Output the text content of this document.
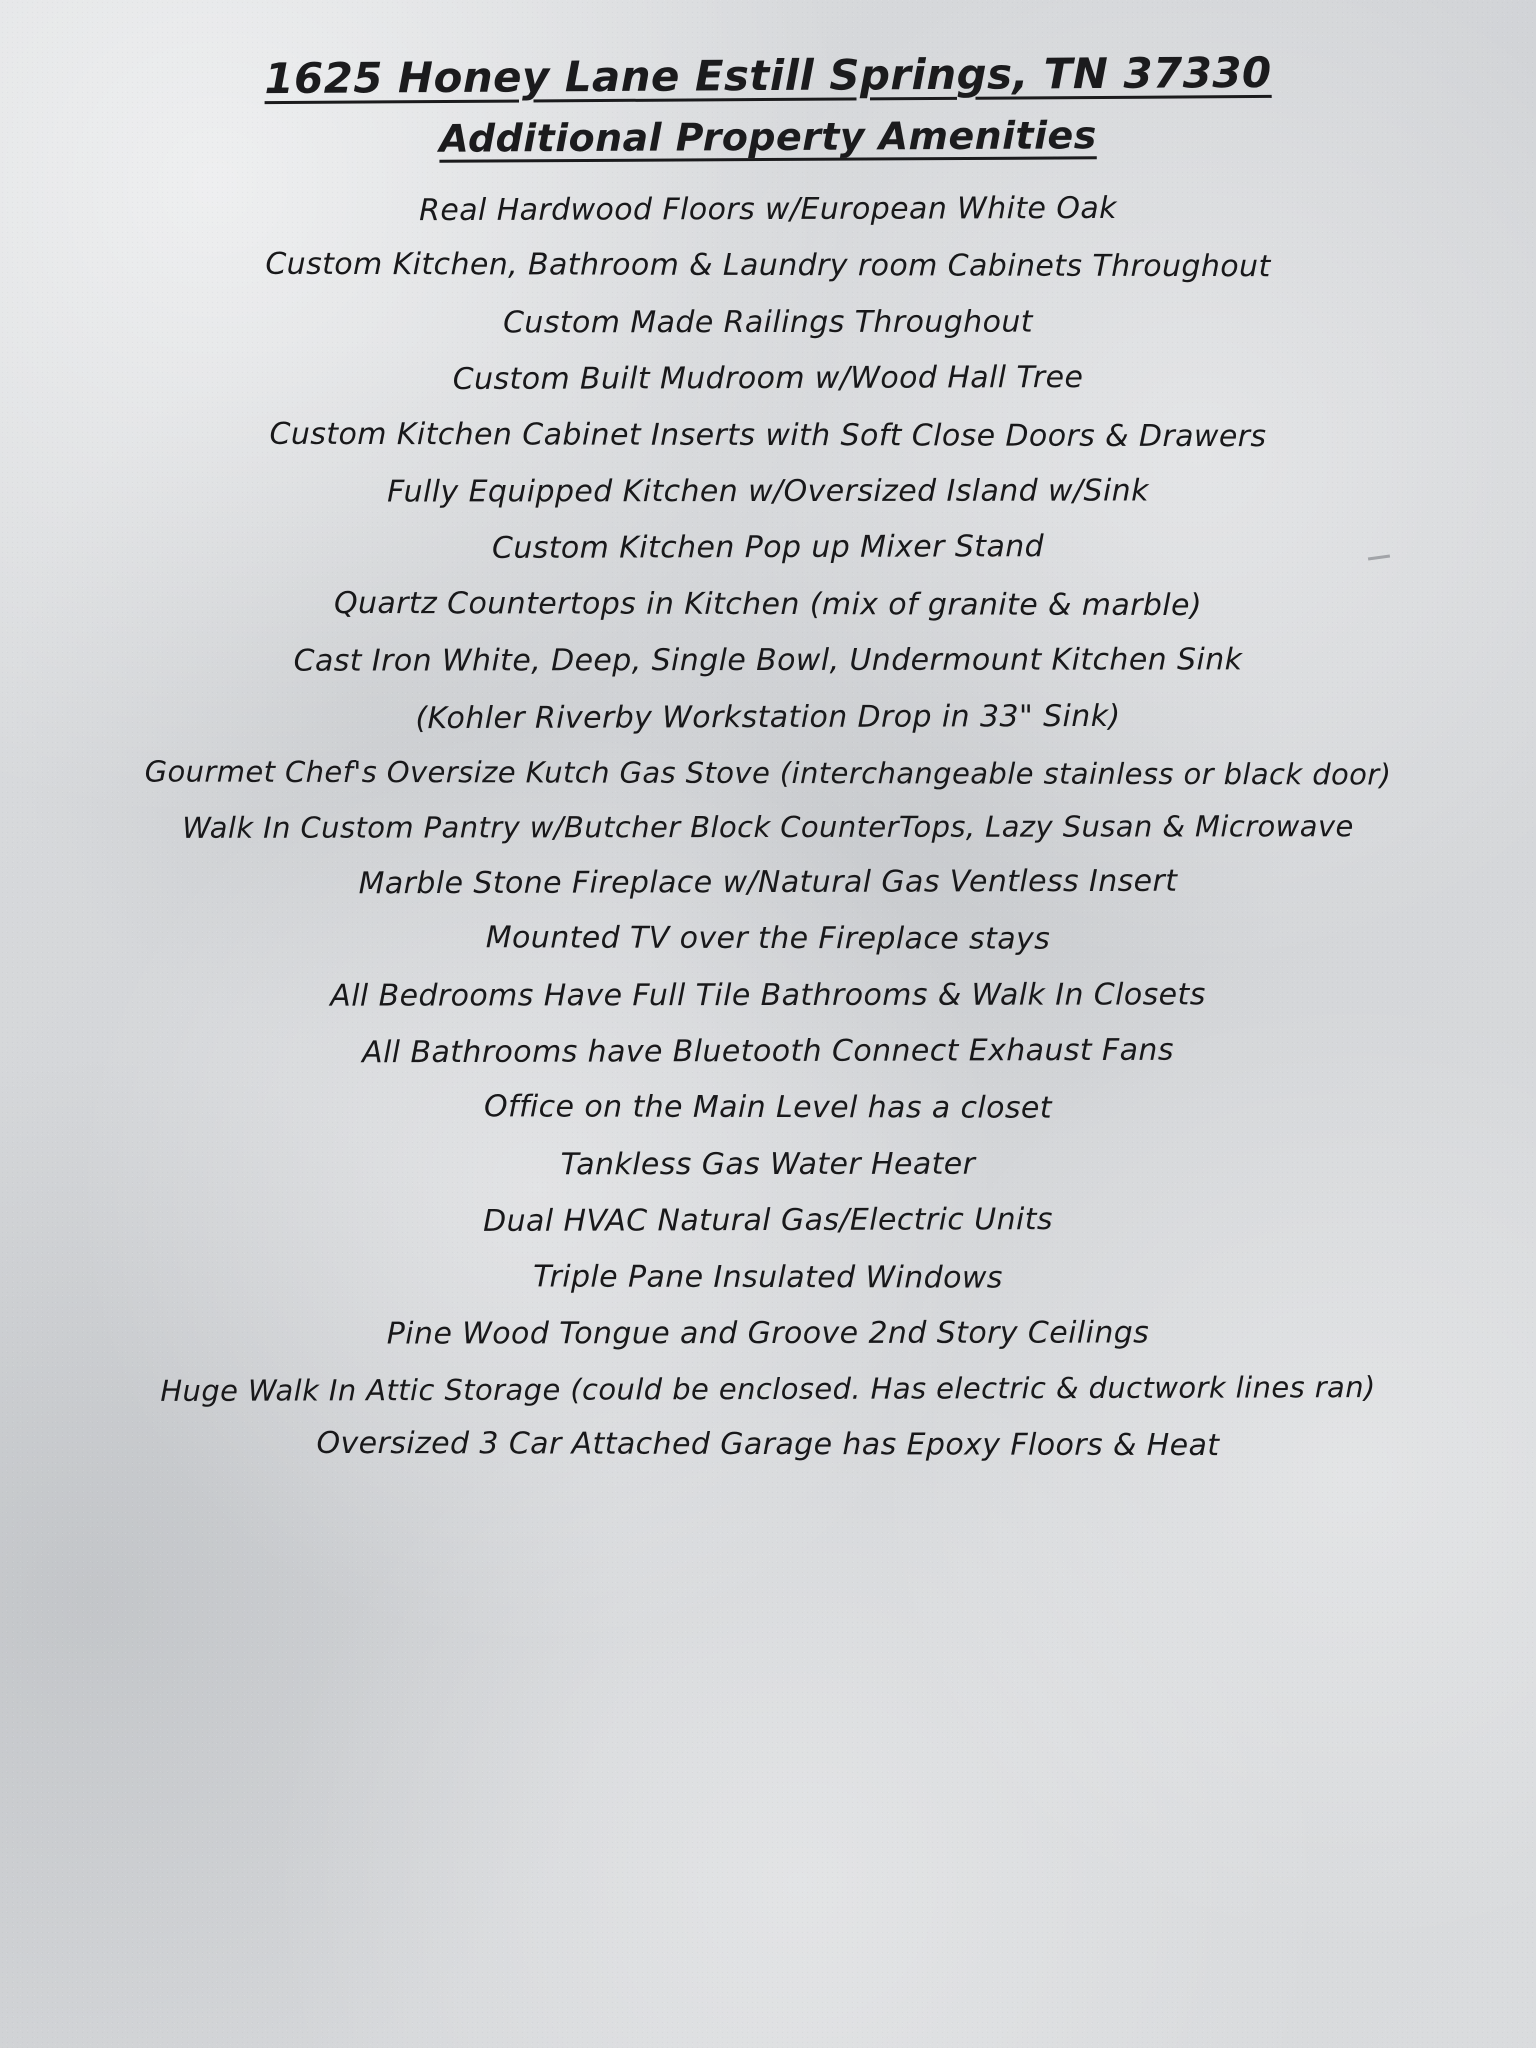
1625 Honey Lane Estill Springs, TN 37330
Additional Property Amenities
Real Hardwood Floors w/European White Oak
Custom Kitchen, Bathroom & Laundry room Cabinets Throughout
Custom Made Railings Throughout
Custom Built Mudroom w/Wood Hall Tree
Custom Kitchen Cabinet Inserts with Soft Close Doors & Drawers
Fully Equipped Kitchen w/Oversized Island w/Sink
Custom Kitchen Pop up Mixer Stand
Quartz Countertops in Kitchen (mix of granite & marble)
Cast Iron White, Deep, Single Bowl, Undermount Kitchen Sink
(Kohler Riverby Workstation Drop in 33" Sink)
Gourmet Chef's Oversize Kutch Gas Stove (interchangeable stainless or black door)
Walk In Custom Pantry w/Butcher Block CounterTops, Lazy Susan & Microwave
Marble Stone Fireplace w/Natural Gas Ventless Insert
Mounted TV over the Fireplace stays
All Bedrooms Have Full Tile Bathrooms & Walk In Closets
All Bathrooms have Bluetooth Connect Exhaust Fans
Office on the Main Level has a closet
Tankless Gas Water Heater
Dual HVAC Natural Gas/Electric Units
Triple Pane Insulated Windows
Pine Wood Tongue and Groove 2nd Story Ceilings
Huge Walk In Attic Storage (could be enclosed. Has electric & ductwork lines ran)
Oversized 3 Car Attached Garage has Epoxy Floors & Heat
